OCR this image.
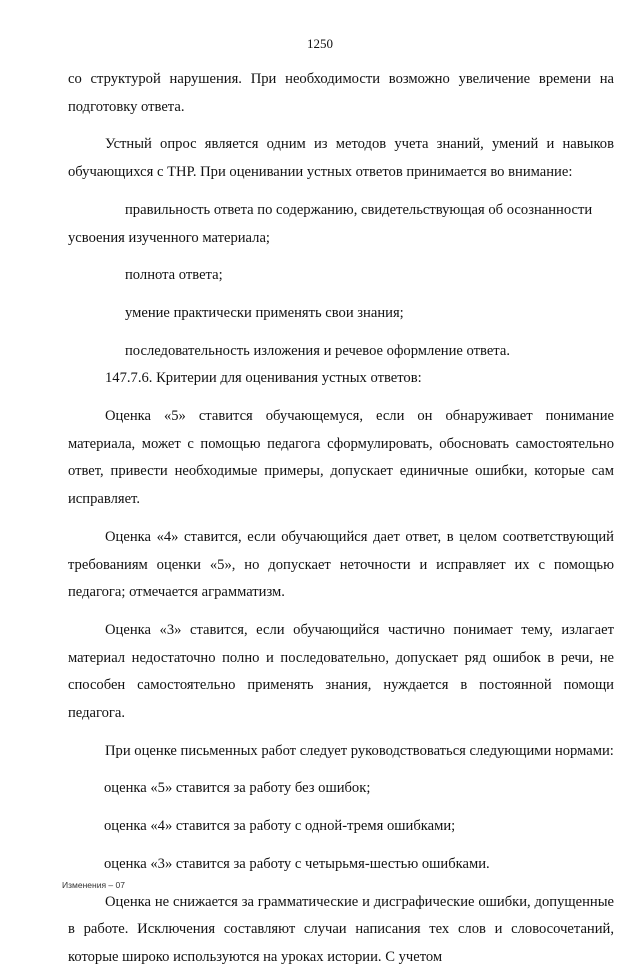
1250

со структурой нарушения. При необходимости возможно увеличение времени на подготовку ответа.

Устный опрос является одним из методов учета знаний, умений и навыков обучающихся с ТНР. При оценивании устных ответов принимается во внимание:

правильность ответа по содержанию, свидетельствующая об осознанности
усвоения изученного материала;

полнота ответа;

умение практически применять свои знания;

последовательность изложения и речевое оформление ответа.

147.7.6. Критерии для оценивания устных ответов:

Оценка «5» ставится обучающемуся, если он обнаруживает понимание материала, может с помощью педагога сформулировать, обосновать самостоятельно ответ, привести необходимые примеры, допускает единичные ошибки, которые сам исправляет.

Оценка «4» ставится, если обучающийся дает ответ, в целом соответствующий требованиям оценки «5», но допускает неточности и исправляет их с помощью педагога; отмечается аграмматизм.

Оценка «3» ставится, если обучающийся частично понимает тему, излагает материал недостаточно полно и последовательно, допускает ряд ошибок в речи, не способен самостоятельно применять знания, нуждается в постоянной помощи педагога.

При оценке письменных работ следует руководствоваться следующими нормами:

оценка «5» ставится за работу без ошибок;

оценка «4» ставится за работу с одной-тремя ошибками;

оценка «3» ставится за работу с четырьмя-шестью ошибками.

Оценка не снижается за грамматические и дисграфические ошибки, допущенные в работе. Исключения составляют случаи написания тех слов и словосочетаний, которые широко используются на уроках истории. С учетом

Изменения – 07
